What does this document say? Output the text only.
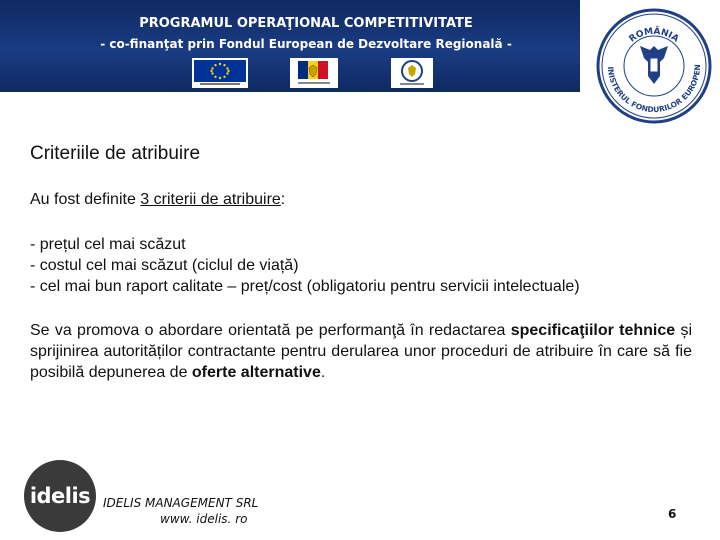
PROGRAMUL OPERAŢIONAL COMPETITIVITATE
- co-finanţat prin Fondul European de Dezvoltare Regională -	ROMÂNIA
INISTERUL FONDURILOR EUROPEN
Criteriile de atribuire
Au fost definite 3 criterii de atribuire:
- prețul cel mai scăzut
- costul cel mai scăzut (ciclul de viață)
- cel mai bun raport calitate – preț/cost (obligatoriu pentru servicii intelectuale)
Se va promova o abordare orientată pe performanţă în redactarea specificaţiilor tehnice și sprijinirea autorităților contractante pentru derularea unor proceduri de atribuire în care să fie posibilă depunerea de oferte alternative.
idelis IDELIS MANAGEMENT SRL
www. idelis. ro	6
